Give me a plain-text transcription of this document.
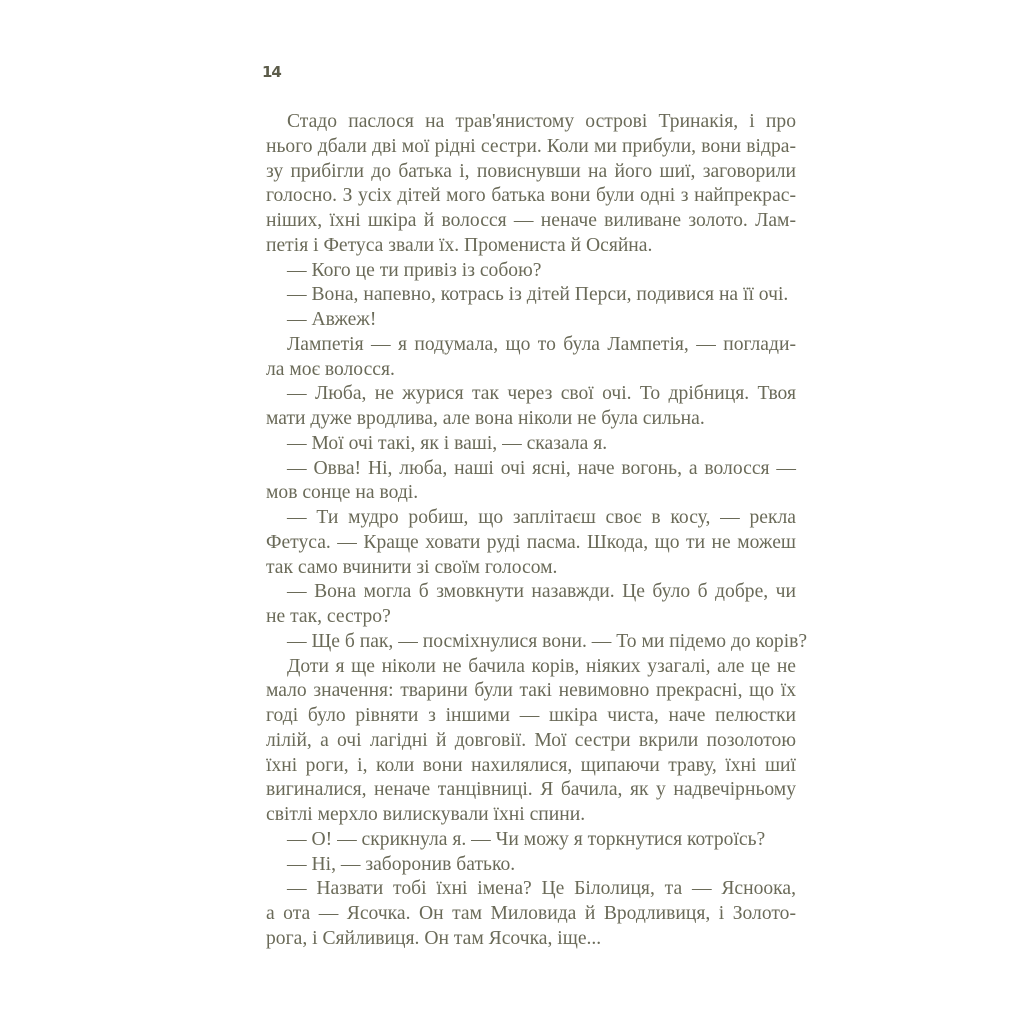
14
Стадо паслося на трав'янистому острові Тринакія, і про
нього дбали дві мої рідні сестри. Коли ми прибули, вони відра-
зу прибігли до батька і, повиснувши на його шиї, заговорили
голосно. З усіх дітей мого батька вони були одні з найпрекрас-
ніших, їхні шкіра й волосся — неначе виливане золото. Лам-
петія і Фетуса звали їх. Промениста й Осяйна.
— Кого це ти привіз із собою?
— Вона, напевно, котрась із дітей Перси, подивися на її очі.
— Авжеж!
Лампетія — я подумала, що то була Лампетія, — поглади-
ла моє волосся.
— Люба, не журися так через свої очі. То дрібниця. Твоя
мати дуже вродлива, але вона ніколи не була сильна.
— Мої очі такі, як і ваші, — сказала я.
— Овва! Ні, люба, наші очі ясні, наче вогонь, а волосся —
мов сонце на воді.
— Ти мудро робиш, що заплітаєш своє в косу, — рекла
Фетуса. — Краще ховати руді пасма. Шкода, що ти не можеш
так само вчинити зі своїм голосом.
— Вона могла б змовкнути назавжди. Це було б добре, чи
не так, сестро?
— Ще б пак, — посміхнулися вони. — То ми підемо до корів?
Доти я ще ніколи не бачила корів, ніяких узагалі, але це не
мало значення: тварини були такі невимовно прекрасні, що їх
годі було рівняти з іншими — шкіра чиста, наче пелюстки
лілій, а очі лагідні й довговії. Мої сестри вкрили позолотою
їхні роги, і, коли вони нахилялися, щипаючи траву, їхні шиї
вигиналися, неначе танцівниці. Я бачила, як у надвечірньому
світлі мерхло вилискували їхні спини.
— О! — скрикнула я. — Чи можу я торкнутися котроїсь?
— Ні, — заборонив батько.
— Назвати тобі їхні імена? Це Білолиця, та — Ясноока,
а ота — Ясочка. Он там Миловида й Вродливиця, і Золото-
рога, і Сяйливиця. Он там Ясочка, іще...
